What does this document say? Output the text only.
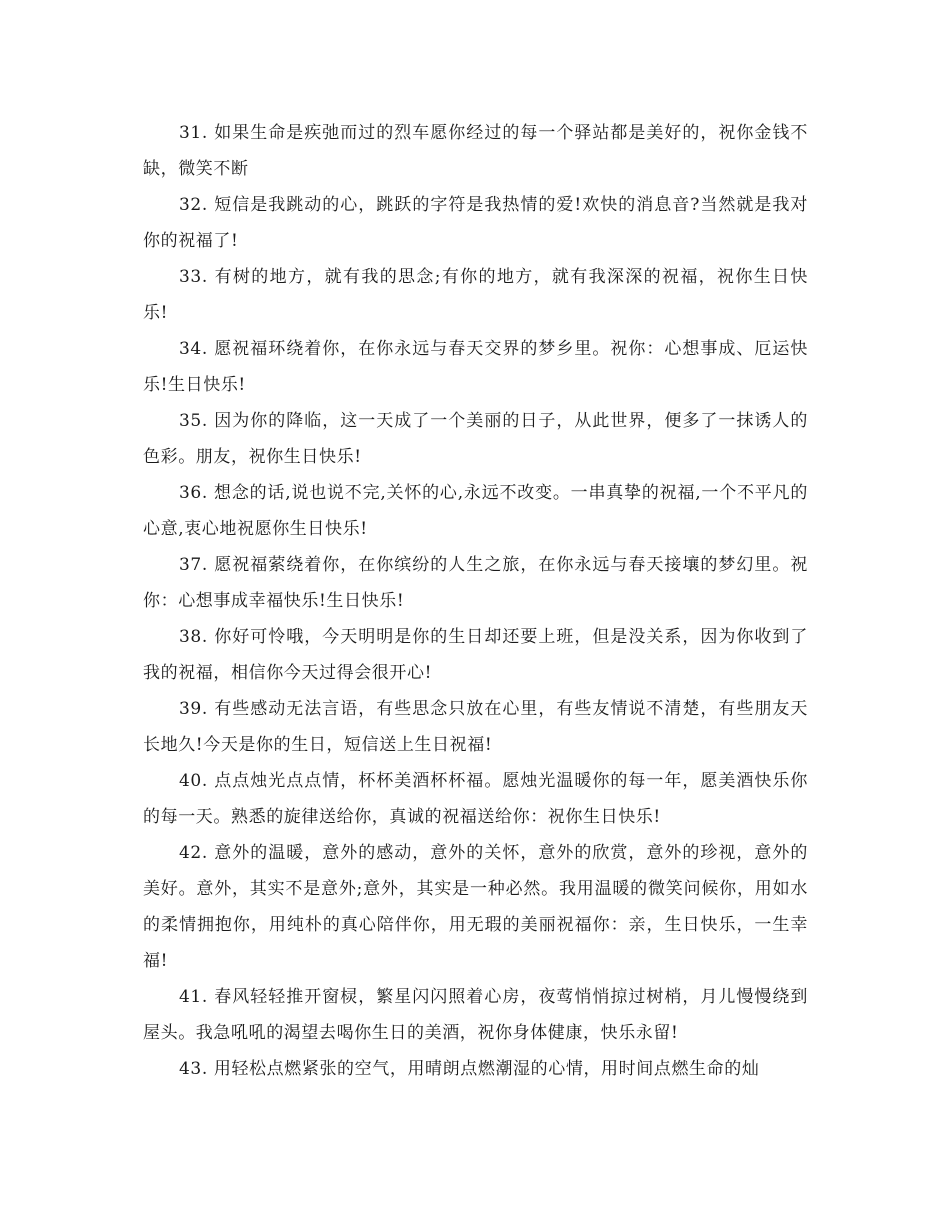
31. 如果生命是疾弛而过的烈车愿你经过的每一个驿站都是美好的，祝你金钱不缺，微笑不断

32. 短信是我跳动的心，跳跃的字符是我热情的爱!欢快的消息音?当然就是我对你的祝福了!

33. 有树的地方，就有我的思念;有你的地方，就有我深深的祝福，祝你生日快乐!

34. 愿祝福环绕着你，在你永远与春天交界的梦乡里。祝你：心想事成、厄运快乐!生日快乐!

35. 因为你的降临，这一天成了一个美丽的日子，从此世界，便多了一抹诱人的色彩。朋友，祝你生日快乐!

36. 想念的话,说也说不完,关怀的心,永远不改变。一串真挚的祝福,一个不平凡的心意,衷心地祝愿你生日快乐!

37. 愿祝福萦绕着你，在你缤纷的人生之旅，在你永远与春天接壤的梦幻里。祝你：心想事成幸福快乐!生日快乐!

38. 你好可怜哦，今天明明是你的生日却还要上班，但是没关系，因为你收到了我的祝福，相信你今天过得会很开心!

39. 有些感动无法言语，有些思念只放在心里，有些友情说不清楚，有些朋友天长地久!今天是你的生日，短信送上生日祝福!

40. 点点烛光点点情，杯杯美酒杯杯福。愿烛光温暖你的每一年，愿美酒快乐你的每一天。熟悉的旋律送给你，真诚的祝福送给你：祝你生日快乐!

42. 意外的温暖，意外的感动，意外的关怀，意外的欣赏，意外的珍视，意外的美好。意外，其实不是意外;意外，其实是一种必然。我用温暖的微笑问候你，用如水的柔情拥抱你，用纯朴的真心陪伴你，用无瑕的美丽祝福你：亲，生日快乐，一生幸福!

41. 春风轻轻推开窗棂，繁星闪闪照着心房，夜莺悄悄掠过树梢，月儿慢慢绕到屋头。我急吼吼的渴望去喝你生日的美酒，祝你身体健康，快乐永留!

43. 用轻松点燃紧张的空气，用晴朗点燃潮湿的心情，用时间点燃生命的灿
